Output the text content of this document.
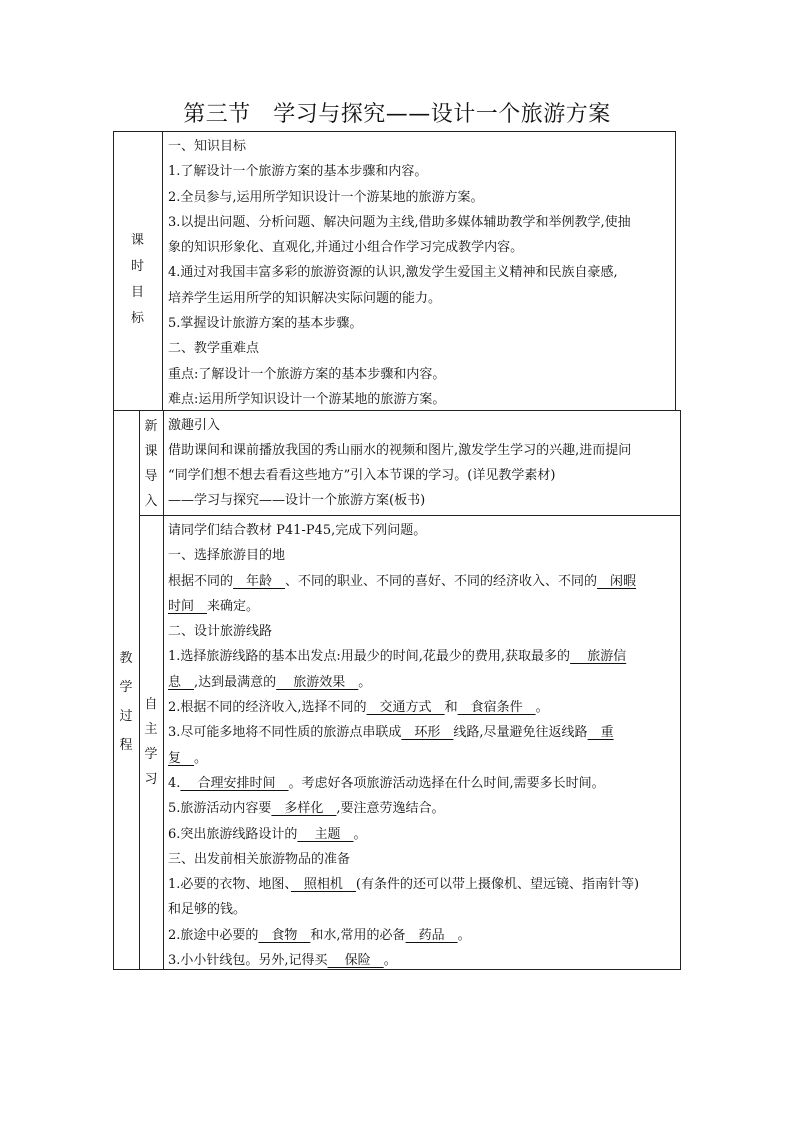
第三节　学习与探究——设计一个旅游方案
课
时
目
标
一、知识目标
1.了解设计一个旅游方案的基本步骤和内容。
2.全员参与,运用所学知识设计一个游某地的旅游方案。
3.以提出问题、分析问题、解决问题为主线,借助多媒体辅助教学和举例教学,使抽
象的知识形象化、直观化,并通过小组合作学习完成教学内容。
4.通过对我国丰富多彩的旅游资源的认识,激发学生爱国主义精神和民族自豪感,
培养学生运用所学的知识解决实际问题的能力。
5.掌握设计旅游方案的基本步骤。
二、教学重难点
重点:了解设计一个旅游方案的基本步骤和内容。
难点:运用所学知识设计一个游某地的旅游方案。
教
学
过
程
新
课
导
入
激趣引入
借助课间和课前播放我国的秀山丽水的视频和图片,激发学生学习的兴趣,进而提问
“同学们想不想去看看这些地方”引入本节课的学习。(详见教学素材)
——学习与探究——设计一个旅游方案(板书)
自
主
学
习
请同学们结合教材 P41-P45,完成下列问题。
一、选择旅游目的地
根据不同的　年龄　、不同的职业、不同的喜好、不同的经济收入、不同的　闲暇
时间　来确定。
二、设计旅游线路
1.选择旅游线路的基本出发点:用最少的时间,花最少的费用,获取最多的　 旅游信
息　,达到最满意的　 旅游效果　。
2.根据不同的经济收入,选择不同的　交通方式　和　食宿条件　。
3.尽可能多地将不同性质的旅游点串联成　环形　线路,尽量避免往返线路　重
复　。
4.　 合理安排时间　。考虑好各项旅游活动选择在什么时间,需要多长时间。
5.旅游活动内容要　多样化　,要注意劳逸结合。
6.突出旅游线路设计的　 主题　。
三、出发前相关旅游物品的准备
1.必要的衣物、地图、　照相机　(有条件的还可以带上摄像机、望远镜、指南针等)
和足够的钱。
2.旅途中必要的　食物　和水,常用的必备　药品　。
3.小小针线包。另外,记得买　 保险　。
